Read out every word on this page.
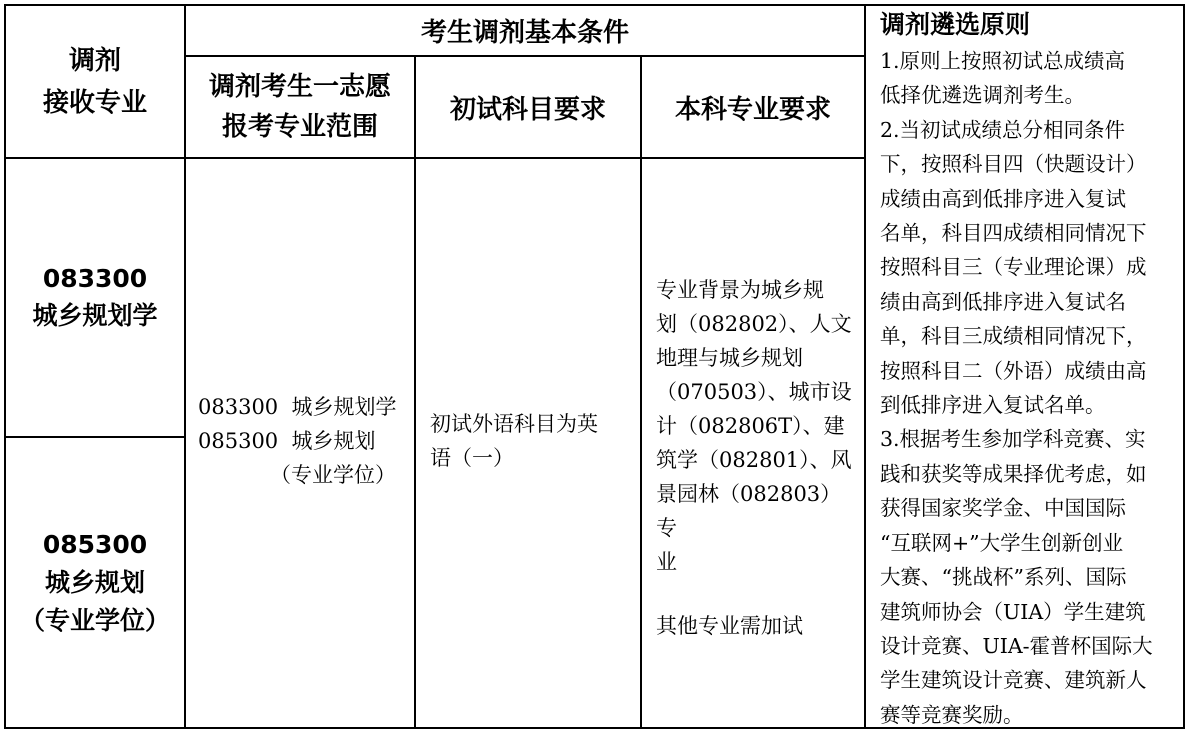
调剂
接收专业
考生调剂基本条件
调剂考生一志愿
报考专业范围
初试科目要求	本科专业要求
083300
城乡规划学
085300
城乡规划
（专业学位）
083300  城乡规划学
085300  城乡规划
（专业学位）
初试外语科目为英
语（一）
专业背景为城乡规
划（082802）、人文
地理与城乡规划
（070503）、城市设
计（082806T）、建
筑学（082801）、风
景园林（082803）专
业
其他专业需加试
调剂遴选原则
1.原则上按照初试总成绩高
低择优遴选调剂考生。
2.当初试成绩总分相同条件
下，按照科目四（快题设计）
成绩由高到低排序进入复试
名单，科目四成绩相同情况下
按照科目三（专业理论课）成
绩由高到低排序进入复试名
单，科目三成绩相同情况下，
按照科目二（外语）成绩由高
到低排序进入复试名单。
3.根据考生参加学科竞赛、实
践和获奖等成果择优考虑，如
获得国家奖学金、中国国际
“互联网+”大学生创新创业
大赛、“挑战杯”系列、国际
建筑师协会（UIA）学生建筑
设计竞赛、UIA-霍普杯国际大
学生建筑设计竞赛、建筑新人
赛等竞赛奖励。
